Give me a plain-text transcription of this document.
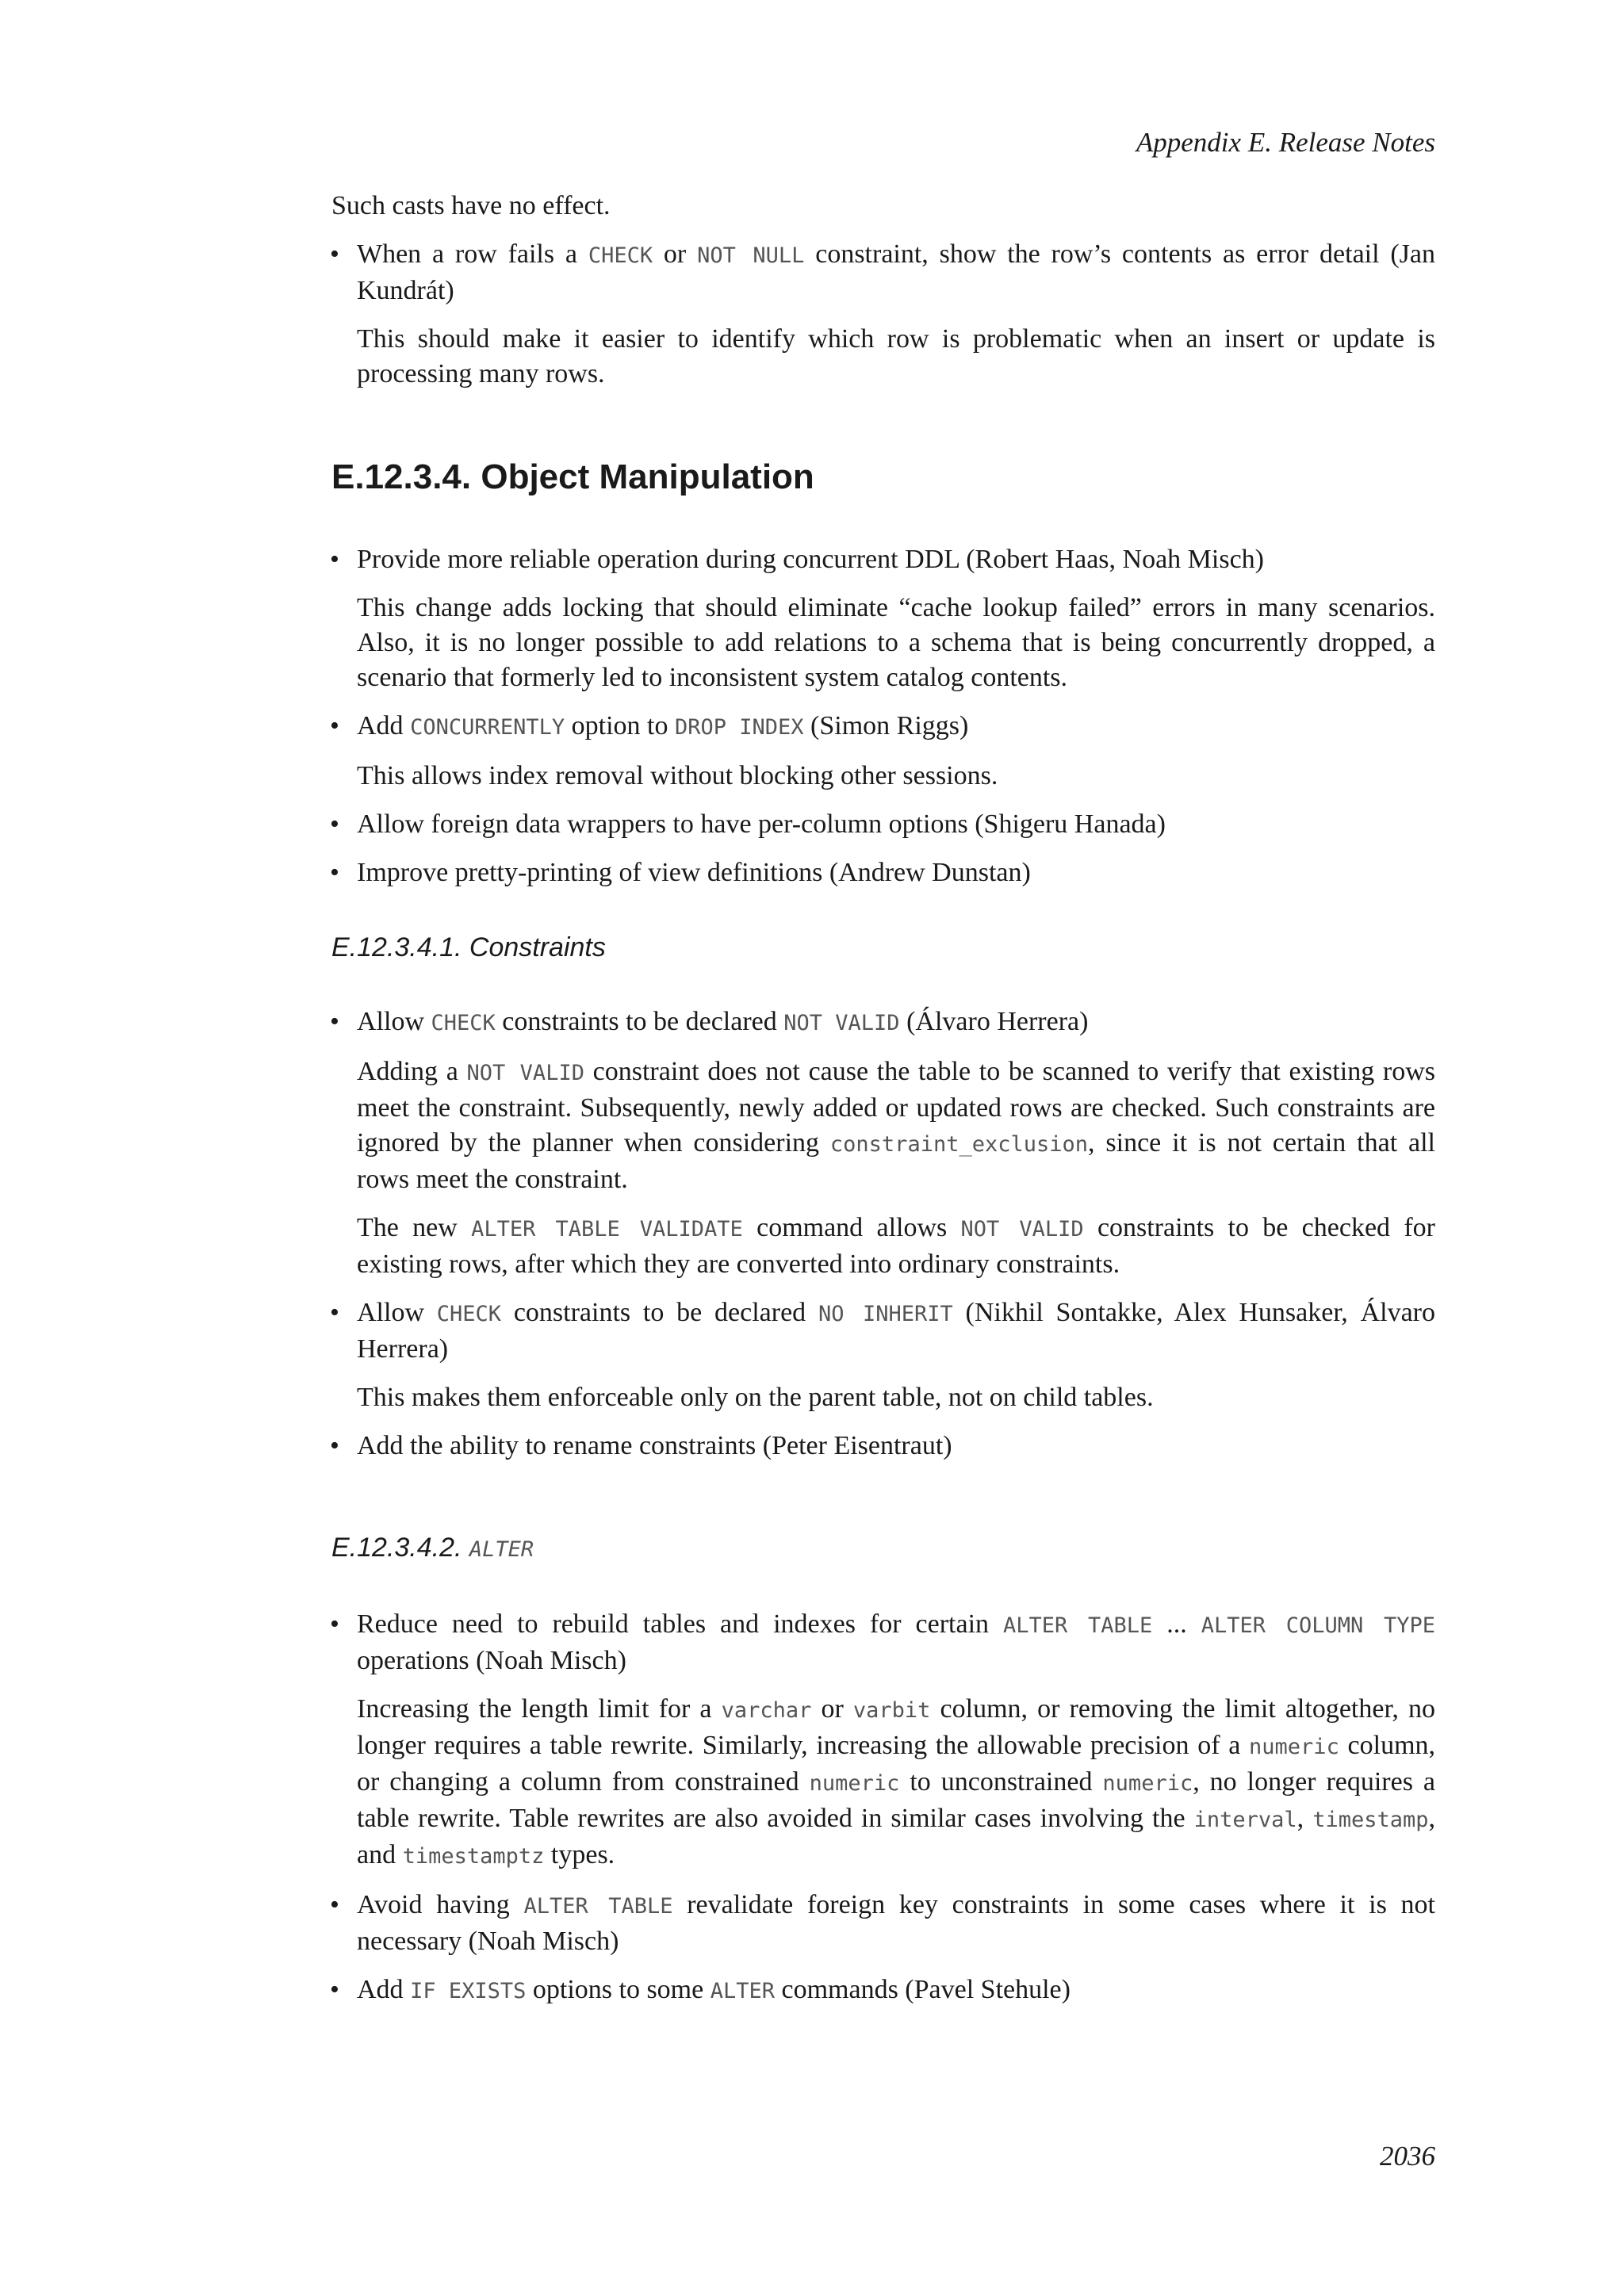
Appendix E. Release Notes

Such casts have no effect.

• When a row fails a CHECK or NOT NULL constraint, show the row’s contents as error detail (Jan Kundrát)

This should make it easier to identify which row is problematic when an insert or update is processing many rows.

E.12.3.4. Object Manipulation

• Provide more reliable operation during concurrent DDL (Robert Haas, Noah Misch)

This change adds locking that should eliminate “cache lookup failed” errors in many scenarios. Also, it is no longer possible to add relations to a schema that is being concurrently dropped, a scenario that formerly led to inconsistent system catalog contents.

• Add CONCURRENTLY option to DROP INDEX (Simon Riggs)

This allows index removal without blocking other sessions.

• Allow foreign data wrappers to have per-column options (Shigeru Hanada)

• Improve pretty-printing of view definitions (Andrew Dunstan)

E.12.3.4.1. Constraints

• Allow CHECK constraints to be declared NOT VALID (Álvaro Herrera)

Adding a NOT VALID constraint does not cause the table to be scanned to verify that existing rows meet the constraint. Subsequently, newly added or updated rows are checked. Such constraints are ignored by the planner when considering constraint_exclusion, since it is not certain that all rows meet the constraint.

The new ALTER TABLE VALIDATE command allows NOT VALID constraints to be checked for existing rows, after which they are converted into ordinary constraints.

• Allow CHECK constraints to be declared NO INHERIT (Nikhil Sontakke, Alex Hunsaker, Álvaro Herrera)

This makes them enforceable only on the parent table, not on child tables.

• Add the ability to rename constraints (Peter Eisentraut)

E.12.3.4.2. ALTER

• Reduce need to rebuild tables and indexes for certain ALTER TABLE ... ALTER COLUMN TYPE operations (Noah Misch)

Increasing the length limit for a varchar or varbit column, or removing the limit altogether, no longer requires a table rewrite. Similarly, increasing the allowable precision of a numeric column, or changing a column from constrained numeric to unconstrained numeric, no longer requires a table rewrite. Table rewrites are also avoided in similar cases involving the interval, timestamp, and timestamptz types.

• Avoid having ALTER TABLE revalidate foreign key constraints in some cases where it is not necessary (Noah Misch)

• Add IF EXISTS options to some ALTER commands (Pavel Stehule)

2036
